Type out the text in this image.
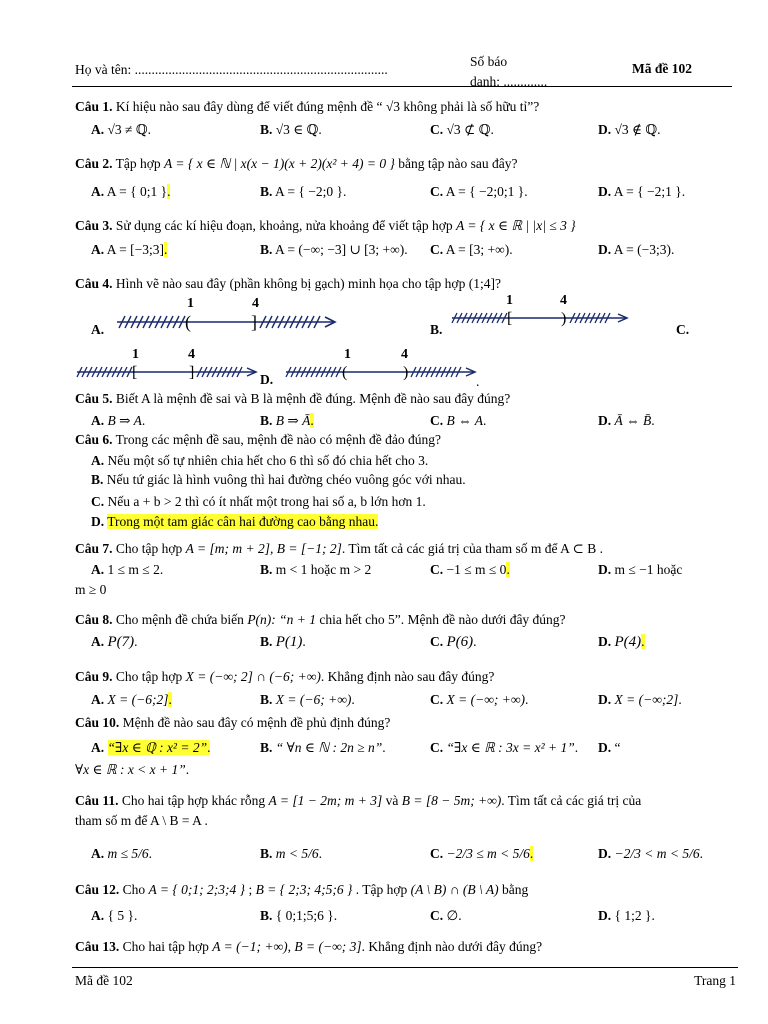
Họ và tên: ...........................................................................
Số báo
danh: .............
Mã đề 102
Câu 1. Kí hiệu nào sau đây dùng để viết đúng mệnh đề “ √3 không phải là số hữu tỉ”?
A. √3 ≠ ℚ.	B. √3 ∈ ℚ.	C. √3 ⊄ ℚ.	D. √3 ∉ ℚ.
Câu 2. Tập hợp A = { x ∈ ℕ | x(x − 1)(x + 2)(x² + 4) = 0 } bằng tập nào sau đây?
A. A = { 0;1 }.	B. A = { −2;0 }.	C. A = { −2;0;1 }.	D. A = { −2;1 }.
Câu 3. Sử dụng các kí hiệu đoạn, khoảng, nửa khoảng để viết tập hợp A = { x ∈ ℝ | |x| ≤ 3 }
A. A = [−3;3].	B. A = (−∞; −3] ∪ [3; +∞). C. A = [3; +∞).	D. A = (−3;3).
Câu 4. Hình vẽ nào sau đây (phần không bị gạch) minh họa cho tập hợp (1;4]?
A.
1	4
(	]	B.
1	4
[	)
C.
1	4
[	]	D.
1	4
(	)
.
Câu 5. Biết A là mệnh đề sai và B là mệnh đề đúng. Mệnh đề nào sau đây đúng?
A. B ⇒ A.	B. B ⇒ Ā.	C. B ⇔ A.	D. Ā ⇔ B̄.
Câu 6. Trong các mệnh đề sau, mệnh đề nào có mệnh đề đảo đúng?
A. Nếu một số tự nhiên chia hết cho 6 thì số đó chia hết cho 3.
B. Nếu tứ giác là hình vuông thì hai đường chéo vuông góc với nhau.
C. Nếu a + b > 2 thì có ít nhất một trong hai số a, b lớn hơn 1.
D. Trong một tam giác cân hai đường cao bằng nhau.
Câu 7. Cho tập hợp A = [m; m + 2], B = [−1; 2]. Tìm tất cả các giá trị của tham số m để A ⊂ B .
A. 1 ≤ m ≤ 2.	B. m < 1 hoặc m > 2	C. −1 ≤ m ≤ 0.	D. m ≤ −1 hoặc
m ≥ 0
Câu 8. Cho mệnh đề chứa biến P(n): “n + 1 chia hết cho 5”. Mệnh đề nào dưới đây đúng?
A. P(7).	B. P(1).	C. P(6).	D. P(4).
Câu 9. Cho tập hợp X = (−∞; 2] ∩ (−6; +∞). Khẳng định nào sau đây đúng?
A. X = (−6;2].	B. X = (−6; +∞).	C. X = (−∞; +∞).	D. X = (−∞;2].
Câu 10. Mệnh đề nào sau đây có mệnh đề phủ định đúng?
A. “∃x ∈ ℚ : x² = 2”.	B. “ ∀n ∈ ℕ : 2n ≥ n”.	C. “∃x ∈ ℝ : 3x = x² + 1”. D. “
∀x ∈ ℝ : x < x + 1”.
Câu 11. Cho hai tập hợp khác rỗng A = [1 − 2m; m + 3] và B = [8 − 5m; +∞). Tìm tất cả các giá trị của
tham số m để A \ B = A .
A. m ≤ 5/6.	B. m < 5/6.	C. −2/3 ≤ m < 5/6.	D. −2/3 < m < 5/6.
Câu 12. Cho A = { 0;1; 2;3;4 } ; B = { 2;3; 4;5;6 } . Tập hợp (A \ B) ∩ (B \ A) bằng
A. { 5 }.	B. { 0;1;5;6 }.	C. ∅.	D. { 1;2 }.
Câu 13. Cho hai tập hợp A = (−1; +∞), B = (−∞; 3]. Khẳng định nào dưới đây đúng?
Mã đề 102	Trang 1
